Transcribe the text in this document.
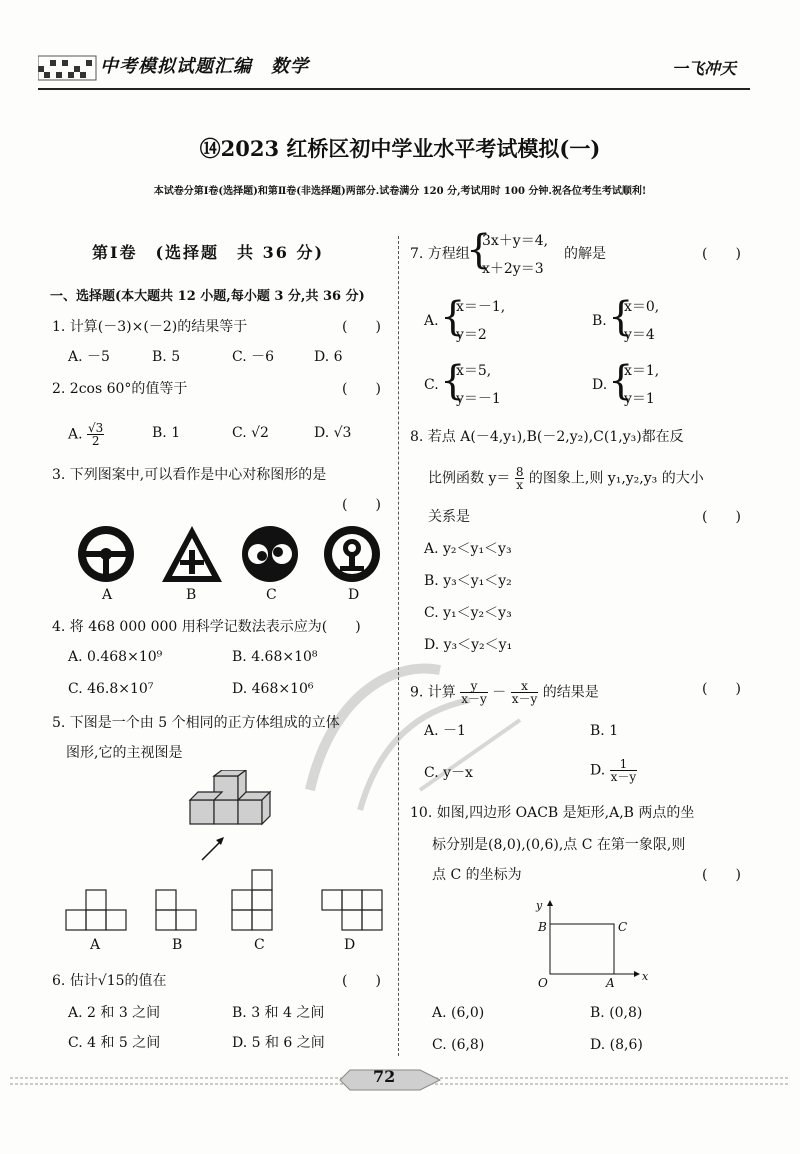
中考模拟试题汇编　数学	一飞冲天
⑭2023 红桥区初中学业水平考试模拟(一)
本试卷分第Ⅰ卷(选择题)和第Ⅱ卷(非选择题)两部分.试卷满分 120 分,考试用时 100 分钟.祝各位考生考试顺利!
第Ⅰ卷　(选择题　共 36 分)
一、选择题(本大题共 12 小题,每小题 3 分,共 36 分)
1. 计算(－3)×(－2)的结果等于	(　　)
A. －5	B. 5	C. －6	D. 6
2. 2cos 60°的值等于	(　　)
A. $\frac{√3}{2}$	B. 1	C. √2	D. √3
3. 下列图案中,可以看作是中心对称图形的是
(　　)
A	B	C	D
4. 将 468 000 000 用科学记数法表示应为(　　)
A. 0.468×10⁹	B. 4.68×10⁸
C. 46.8×10⁷	D. 468×10⁶
5. 下图是一个由 5 个相同的正方体组成的立体
图形,它的主视图是
A	B	C	D
6. 估计√15的值在	(　　)
A. 2 和 3 之间	B. 3 和 4 之间
C. 4 和 5 之间	D. 5 和 6 之间
7. 方程组
{
3x＋y＝4,
x＋2y＝3
的解是	(　　)
A. {
x＝－1,
y＝2
B. {
x＝0,
y＝4
C. {
x＝5,
y＝－1
D. {
x＝1,
y＝1
8. 若点 A(－4,y₁),B(－2,y₂),C(1,y₃)都在反
比例函数 $y= \frac{8}{x}$ 的图象上,则 y₁,y₂,y₃ 的大小
关系是	(　　)
A. y₂＜y₁＜y₃
B. y₃＜y₁＜y₂
C. y₁＜y₂＜y₃
D. y₃＜y₂＜y₁
9. 计算 $\frac{y}{x-y} - \frac{x}{x-y}$ 的结果是	(　　)
A. －1	B. 1
C. y－x	D. $\frac{1}{x-y}$
10. 如图,四边形 OACB 是矩形,A,B 两点的坐
标分别是(8,0),(0,6),点 C 在第一象限,则
点 C 的坐标为	(　　)
y
x
O	A
B	C
A. (6,0)	B. (0,8)
C. (6,8)	D. (8,6)
72
